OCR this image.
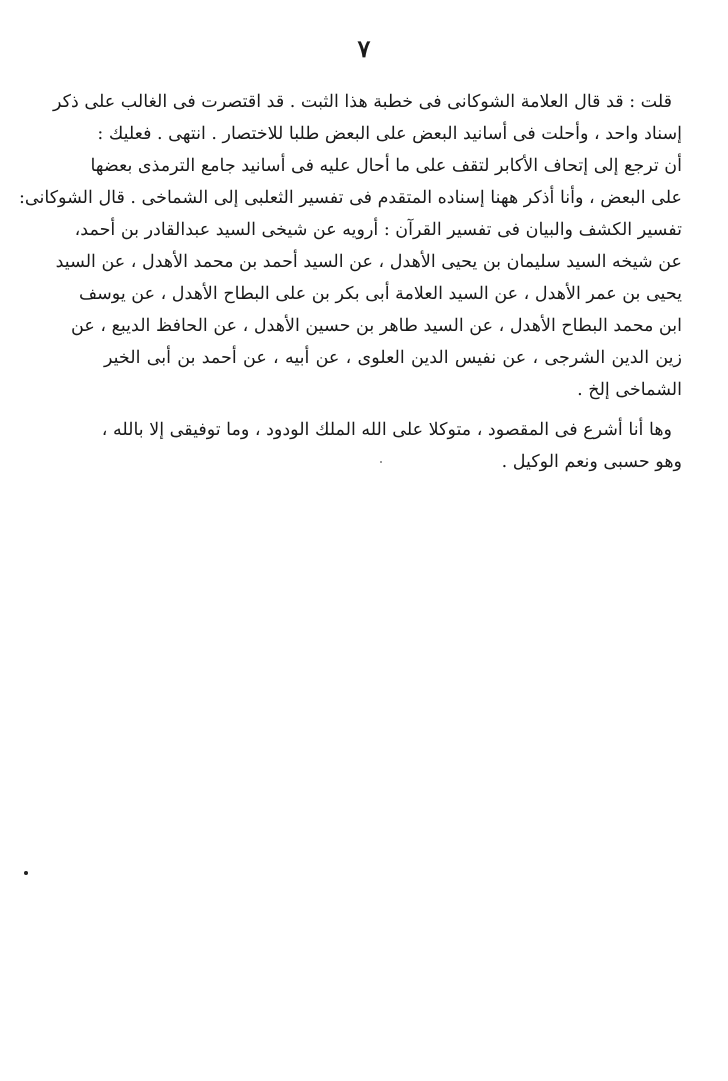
٧
قلت : قد قال العلامة الشوكانى فى خطبة هذا الثبت . قد اقتصرت فى الغالب على ذكر
إسناد واحد ، وأحلت فى أسانيد البعض على البعض طلبا للاختصار . انتهى . فعليك :
أن ترجع إلى إتحاف الأكابر لتقف على ما أحال عليه فى أسانيد جامع الترمذى بعضها
على البعض ، وأنا أذكر ههنا إسناده المتقدم فى تفسير الثعلبى إلى الشماخى . قال الشوكانى:
تفسير الكشف والبيان فى تفسير القرآن : أرويه عن شيخى السيد عبدالقادر بن أحمد،
عن شيخه السيد سليمان بن يحيى الأهدل ، عن السيد أحمد بن محمد الأهدل ، عن السيد
يحيى بن عمر الأهدل ، عن السيد العلامة أبى بكر بن على البطاح الأهدل ، عن يوسف
ابن محمد البطاح الأهدل ، عن السيد طاهر بن حسين الأهدل ، عن الحافظ الديبع ، عن
زين الدين الشرجى ، عن نفيس الدين العلوى ، عن أبيه ، عن أحمد بن أبى الخير
الشماخى إلخ .
وها أنا أشرع فى المقصود ، متوكلا على الله الملك الودود ، وما توفيقى إلا بالله ،
وهو حسبى ونعم الوكيل .
